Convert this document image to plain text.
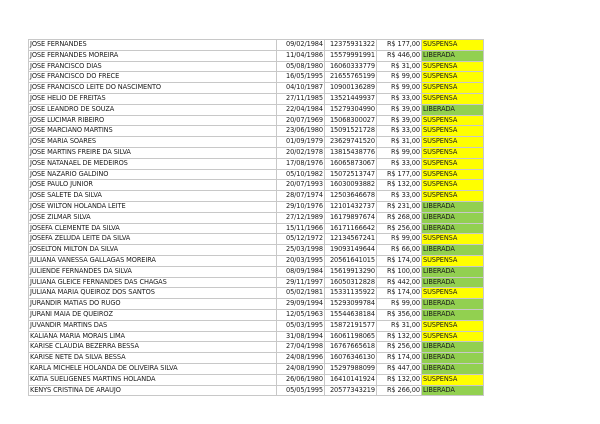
JOSE FERNANDES	09/02/1984	12375931322	R$ 177,00	SUSPENSA
JOSE FERNANDES MOREIRA	11/04/1986	15579991991	R$ 446,00	LIBERADA
JOSE FRANCISCO DIAS	05/08/1980	16060333779	R$ 31,00	SUSPENSA
JOSE FRANCISCO DO FRECE	16/05/1995	21655765199	R$ 99,00	SUSPENSA
JOSE FRANCISCO LEITE DO NASCIMENTO	04/10/1987	10900136289	R$ 99,00	SUSPENSA
JOSE HELIO DE FREITAS	27/11/1985	13521449937	R$ 33,00	SUSPENSA
JOSE LEANDRO DE SOUZA	22/04/1984	15279304990	R$ 39,00	LIBERADA
JOSE LUCIMAR RIBEIRO	20/07/1969	15068300027	R$ 39,00	SUSPENSA
JOSE MARCIANO MARTINS	23/06/1980	15091521728	R$ 33,00	SUSPENSA
JOSE MARIA SOARES	01/09/1979	23629741520	R$ 31,00	SUSPENSA
JOSE MARTINS FREIRE DA SILVA	20/02/1978	13815438776	R$ 99,00	SUSPENSA
JOSE NATANAEL DE MEDEIROS	17/08/1976	16065873067	R$ 33,00	SUSPENSA
JOSE NAZARIO GALDINO	05/10/1982	15072513747	R$ 177,00	SUSPENSA
JOSE PAULO JUNIOR	20/07/1993	16030093882	R$ 132,00	SUSPENSA
JOSE SALETE DA SILVA	28/07/1974	12503646678	R$ 33,00	SUSPENSA
JOSE WILTON HOLANDA LEITE	29/10/1976	12101432737	R$ 231,00	LIBERADA
JOSE ZILMAR SILVA	27/12/1989	16179897674	R$ 268,00	LIBERADA
JOSEFA CLEMENTE DA SILVA	15/11/1966	16171166642	R$ 256,00	LIBERADA
JOSEFA ZELUDA LEITE DA SILVA	05/12/1972	12134567241	R$ 99,00	SUSPENSA
JOSELTON MILTON DA SILVA	25/03/1998	19093149644	R$ 66,00	LIBERADA
JULIANA VANESSA GALLAGAS MOREIRA	20/03/1995	20561641015	R$ 174,00	SUSPENSA
JULIENDE FERNANDES DA SILVA	08/09/1984	15619913290	R$ 100,00	LIBERADA
JULIANA GLEICE FERNANDES DAS CHAGAS	29/11/1997	16050312828	R$ 442,00	LIBERADA
JULIANA MARIA QUEIROZ DOS SANTOS	05/02/1981	15331135922	R$ 174,00	SUSPENSA
JURANDIR MATIAS DO RUGO	29/09/1994	15293099784	R$ 99,00	LIBERADA
JURANI MAIA DE QUEIROZ	12/05/1963	15544638184	R$ 356,00	LIBERADA
JUVANDIR MARTINS DAS	05/03/1995	15872191577	R$ 31,00	SUSPENSA
KALIANA MARIA MORAIS LIMA	31/08/1994	16061198065	R$ 132,00	SUSPENSA
KARISE CLAUDIA BEZERRA BESSA	27/04/1998	16767665618	R$ 256,00	LIBERADA
KARISE NETE DA SILVA BESSA	24/08/1996	16076346130	R$ 174,00	LIBERADA
KARLA MICHELE HOLANDA DE OLIVEIRA SILVA	24/08/1990	15297988099	R$ 447,00	LIBERADA
KATIA SUELIGENES MARTINS HOLANDA	26/06/1980	16410141924	R$ 132,00	SUSPENSA
KENYS CRISTINA DE ARAUJO	05/05/1995	20577343219	R$ 266,00	LIBERADA
